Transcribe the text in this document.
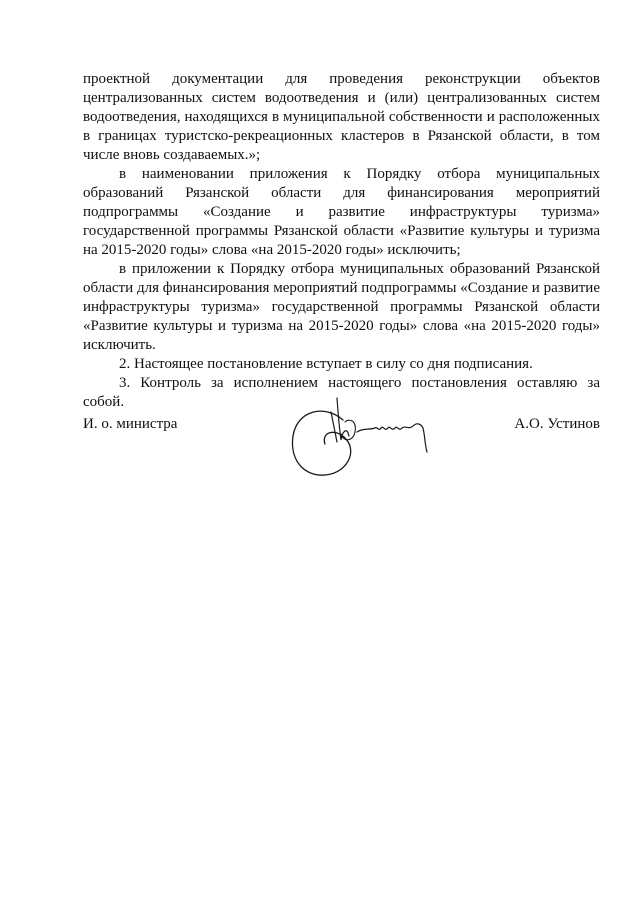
проектной документации для проведения реконструкции объектов централизованных систем водоотведения и (или) централизованных систем водоотведения, находящихся в муниципальной собственности и расположенных в границах туристско-рекреационных кластеров в Рязанской области, в том числе вновь создаваемых.»;

в наименовании приложения к Порядку отбора муниципальных образований Рязанской области для финансирования мероприятий подпрограммы «Создание и развитие инфраструктуры туризма» государственной программы Рязанской области «Развитие культуры и туризма на 2015-2020 годы» слова «на 2015-2020 годы» исключить;

в приложении к Порядку отбора муниципальных образований Рязанской области для финансирования мероприятий подпрограммы «Создание и развитие инфраструктуры туризма» государственной программы Рязанской области «Развитие культуры и туризма на 2015-2020 годы» слова «на 2015-2020 годы» исключить.

2. Настоящее постановление вступает в силу со дня подписания.

3. Контроль за исполнением настоящего постановления оставляю за собой.

И. о. министра	А.О. Устинов
